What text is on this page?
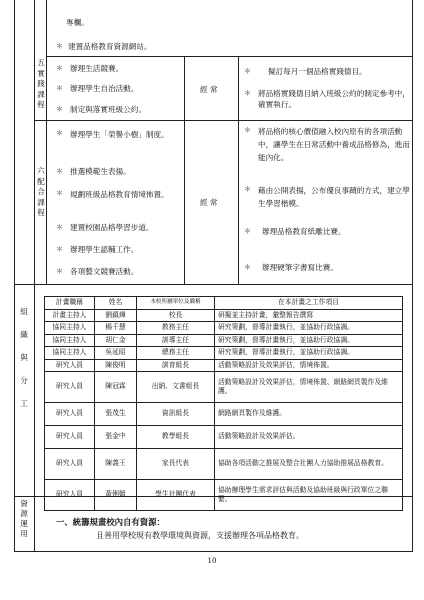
專欄。
＊ 建置品格教育資源網站。
五實踐課程
＊ 辦理生活競賽。
＊ 辦理學生自治活動。
＊ 制定與落實班級公約。
經 常
＊ 擬訂每月一個品格實踐德目。
＊ 將品格實踐德目納入班級公約的制定參考中，確實執行。
六配合課程
＊ 辦理學生「榮譽小樹」制度。
＊ 推選模範生表揚。
＊ 規劃班級品格教育情境佈置。
＊ 建置校園品格學習步道。
＊ 辦理學生認輔工作。
＊ 各項藝文競賽活動。
經 常
＊ 將品格的核心價值融入校內原有的各項活動中，讓學生在日常活動中養成品格修為，進而能內化。
＊ 藉由公開表揚，公布優良事蹟的方式，建立學生學習楷模。
＊ 辦理品格教育紙雕比賽。
＊ 辦理硬筆字書寫比賽。
組織與分工
計畫職稱	姓名	本校所屬單位及職稱	在本計畫之工作項目
計畫主持人	劉鎮燁	校長	研擬並主持計畫，彙整報告撰寫
協同主持人	楊千慧	教務主任	研究策劃，督導計畫執行，並協助行政協調。
協同主持人	胡仁金	訓導主任	研究策劃，督導計畫執行，並協助行政協調。
協同主持人	吳延昭	總務主任	研究策劃，督導計畫執行，並協助行政協調。
研究人員	陳俊明	訓育組長	活動策略設計及效果評估，情境佈置。
研究人員	陳冠霖	出納、文書組長	活動策略設計及效果評估，情境佈置、網路網頁製作及維護。
研究人員	張茂生	資訊組長	網路網頁製作及維護。
研究人員	張金中	教學組長	活動策略設計及效果評估。
研究人員	陳義王	家長代表	協助各項活動之推展及整合社團人力協助推展品格教育。
研究人員	黃俐媚	學生社團代表	協助辦理學生需求評估與活動及協助班級與行政單位之聯繫。
資源運用
一、統籌規畫校內自有資源：
且善用學校現有教學環境與資源，支援辦理各項品格教育。
10
